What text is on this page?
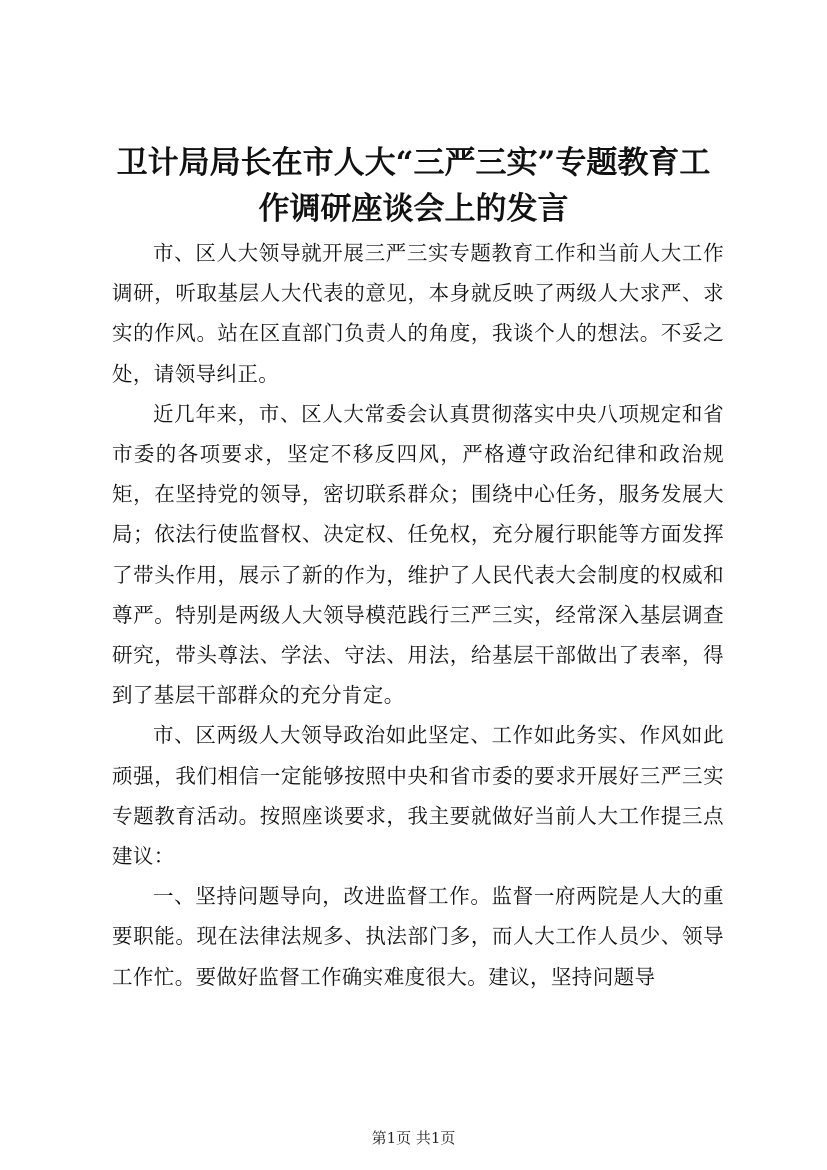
卫计局局长在市人大“三严三实”专题教育工
作调研座谈会上的发言

市、区人大领导就开展三严三实专题教育工作和当前人大工作调研，听取基层人大代表的意见，本身就反映了两级人大求严、求实的作风。站在区直部门负责人的角度，我谈个人的想法。不妥之处，请领导纠正。

近几年来，市、区人大常委会认真贯彻落实中央八项规定和省市委的各项要求，坚定不移反四风，严格遵守政治纪律和政治规矩，在坚持党的领导，密切联系群众；围绕中心任务，服务发展大局；依法行使监督权、决定权、任免权，充分履行职能等方面发挥了带头作用，展示了新的作为，维护了人民代表大会制度的权威和尊严。特别是两级人大领导模范践行三严三实，经常深入基层调查研究，带头尊法、学法、守法、用法，给基层干部做出了表率，得到了基层干部群众的充分肯定。

市、区两级人大领导政治如此坚定、工作如此务实、作风如此顽强，我们相信一定能够按照中央和省市委的要求开展好三严三实专题教育活动。按照座谈要求，我主要就做好当前人大工作提三点建议：

一、坚持问题导向，改进监督工作。监督一府两院是人大的重要职能。现在法律法规多、执法部门多，而人大工作人员少、领导工作忙。要做好监督工作确实难度很大。建议，坚持问题导

第1页 共1页
